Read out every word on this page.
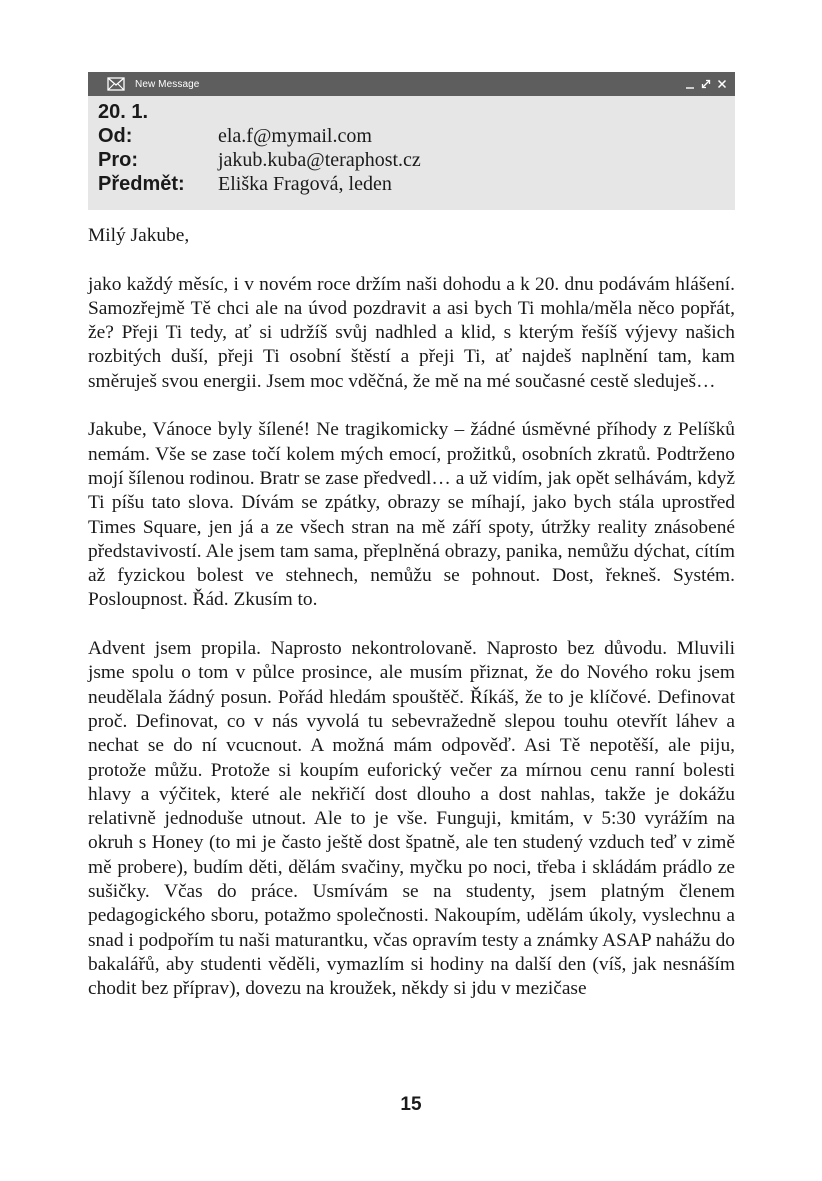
New Message
20. 1.
Od:	ela.f@mymail.com
Pro:	jakub.kuba@teraphost.cz
Předmět:	Eliška Fragová, leden

Milý Jakube,

jako každý měsíc, i v novém roce držím naši dohodu a k 20. dnu podávám hlášení. Samozřejmě Tě chci ale na úvod pozdravit a asi bych Ti mohla/měla něco popřát, že? Přeji Ti tedy, ať si udržíš svůj nadhled a klid, s kterým řešíš výjevy našich rozbitých duší, přeji Ti osobní štěstí a přeji Ti, ať najdeš naplnění tam, kam směruješ svou energii. Jsem moc vděčná, že mě na mé současné cestě sleduješ…

Jakube, Vánoce byly šílené! Ne tragikomicky – žádné úsměvné příhody z Pelíšků nemám. Vše se zase točí kolem mých emocí, prožitků, osobních zkratů. Podtrženo mojí šílenou rodinou. Bratr se zase předvedl… a už vidím, jak opět selhávám, když Ti píšu tato slova. Dívám se zpátky, obrazy se míhají, jako bych stála uprostřed Times Square, jen já a ze všech stran na mě září spoty, útržky reality znásobené představivostí. Ale jsem tam sama, přeplněná obrazy, panika, nemůžu dýchat, cítím až fyzickou bolest ve stehnech, nemůžu se pohnout. Dost, řekneš. Systém. Posloupnost. Řád. Zkusím to.

Advent jsem propila. Naprosto nekontrolovaně. Naprosto bez důvodu. Mluvili jsme spolu o tom v půlce prosince, ale musím přiznat, že do Nového roku jsem neudělala žádný posun. Pořád hledám spouštěč. Říkáš, že to je klíčové. Definovat proč. Definovat, co v nás vyvolá tu sebevražedně slepou touhu otevřít láhev a nechat se do ní vcucnout. A možná mám odpověď. Asi Tě nepotěší, ale piju, protože můžu. Protože si koupím euforický večer za mírnou cenu ranní bolesti hlavy a výčitek, které ale nekřičí dost dlouho a dost nahlas, takže je dokážu relativně jednoduše utnout. Ale to je vše. Funguji, kmitám, v 5:30 vyrážím na okruh s Honey (to mi je často ještě dost špatně, ale ten studený vzduch teď v zimě mě probere), budím děti, dělám svačiny, myčku po noci, třeba i skládám prádlo ze sušičky. Včas do práce. Usmívám se na studenty, jsem platným členem pedagogického sboru, potažmo společnosti. Nakoupím, udělám úkoly, vyslechnu a snad i podpořím tu naši maturantku, včas opravím testy a známky ASAP nahážu do bakalářů, aby studenti věděli, vymazlím si hodiny na další den (víš, jak nesnáším chodit bez příprav), dovezu na kroužek, někdy si jdu v mezičase

15
